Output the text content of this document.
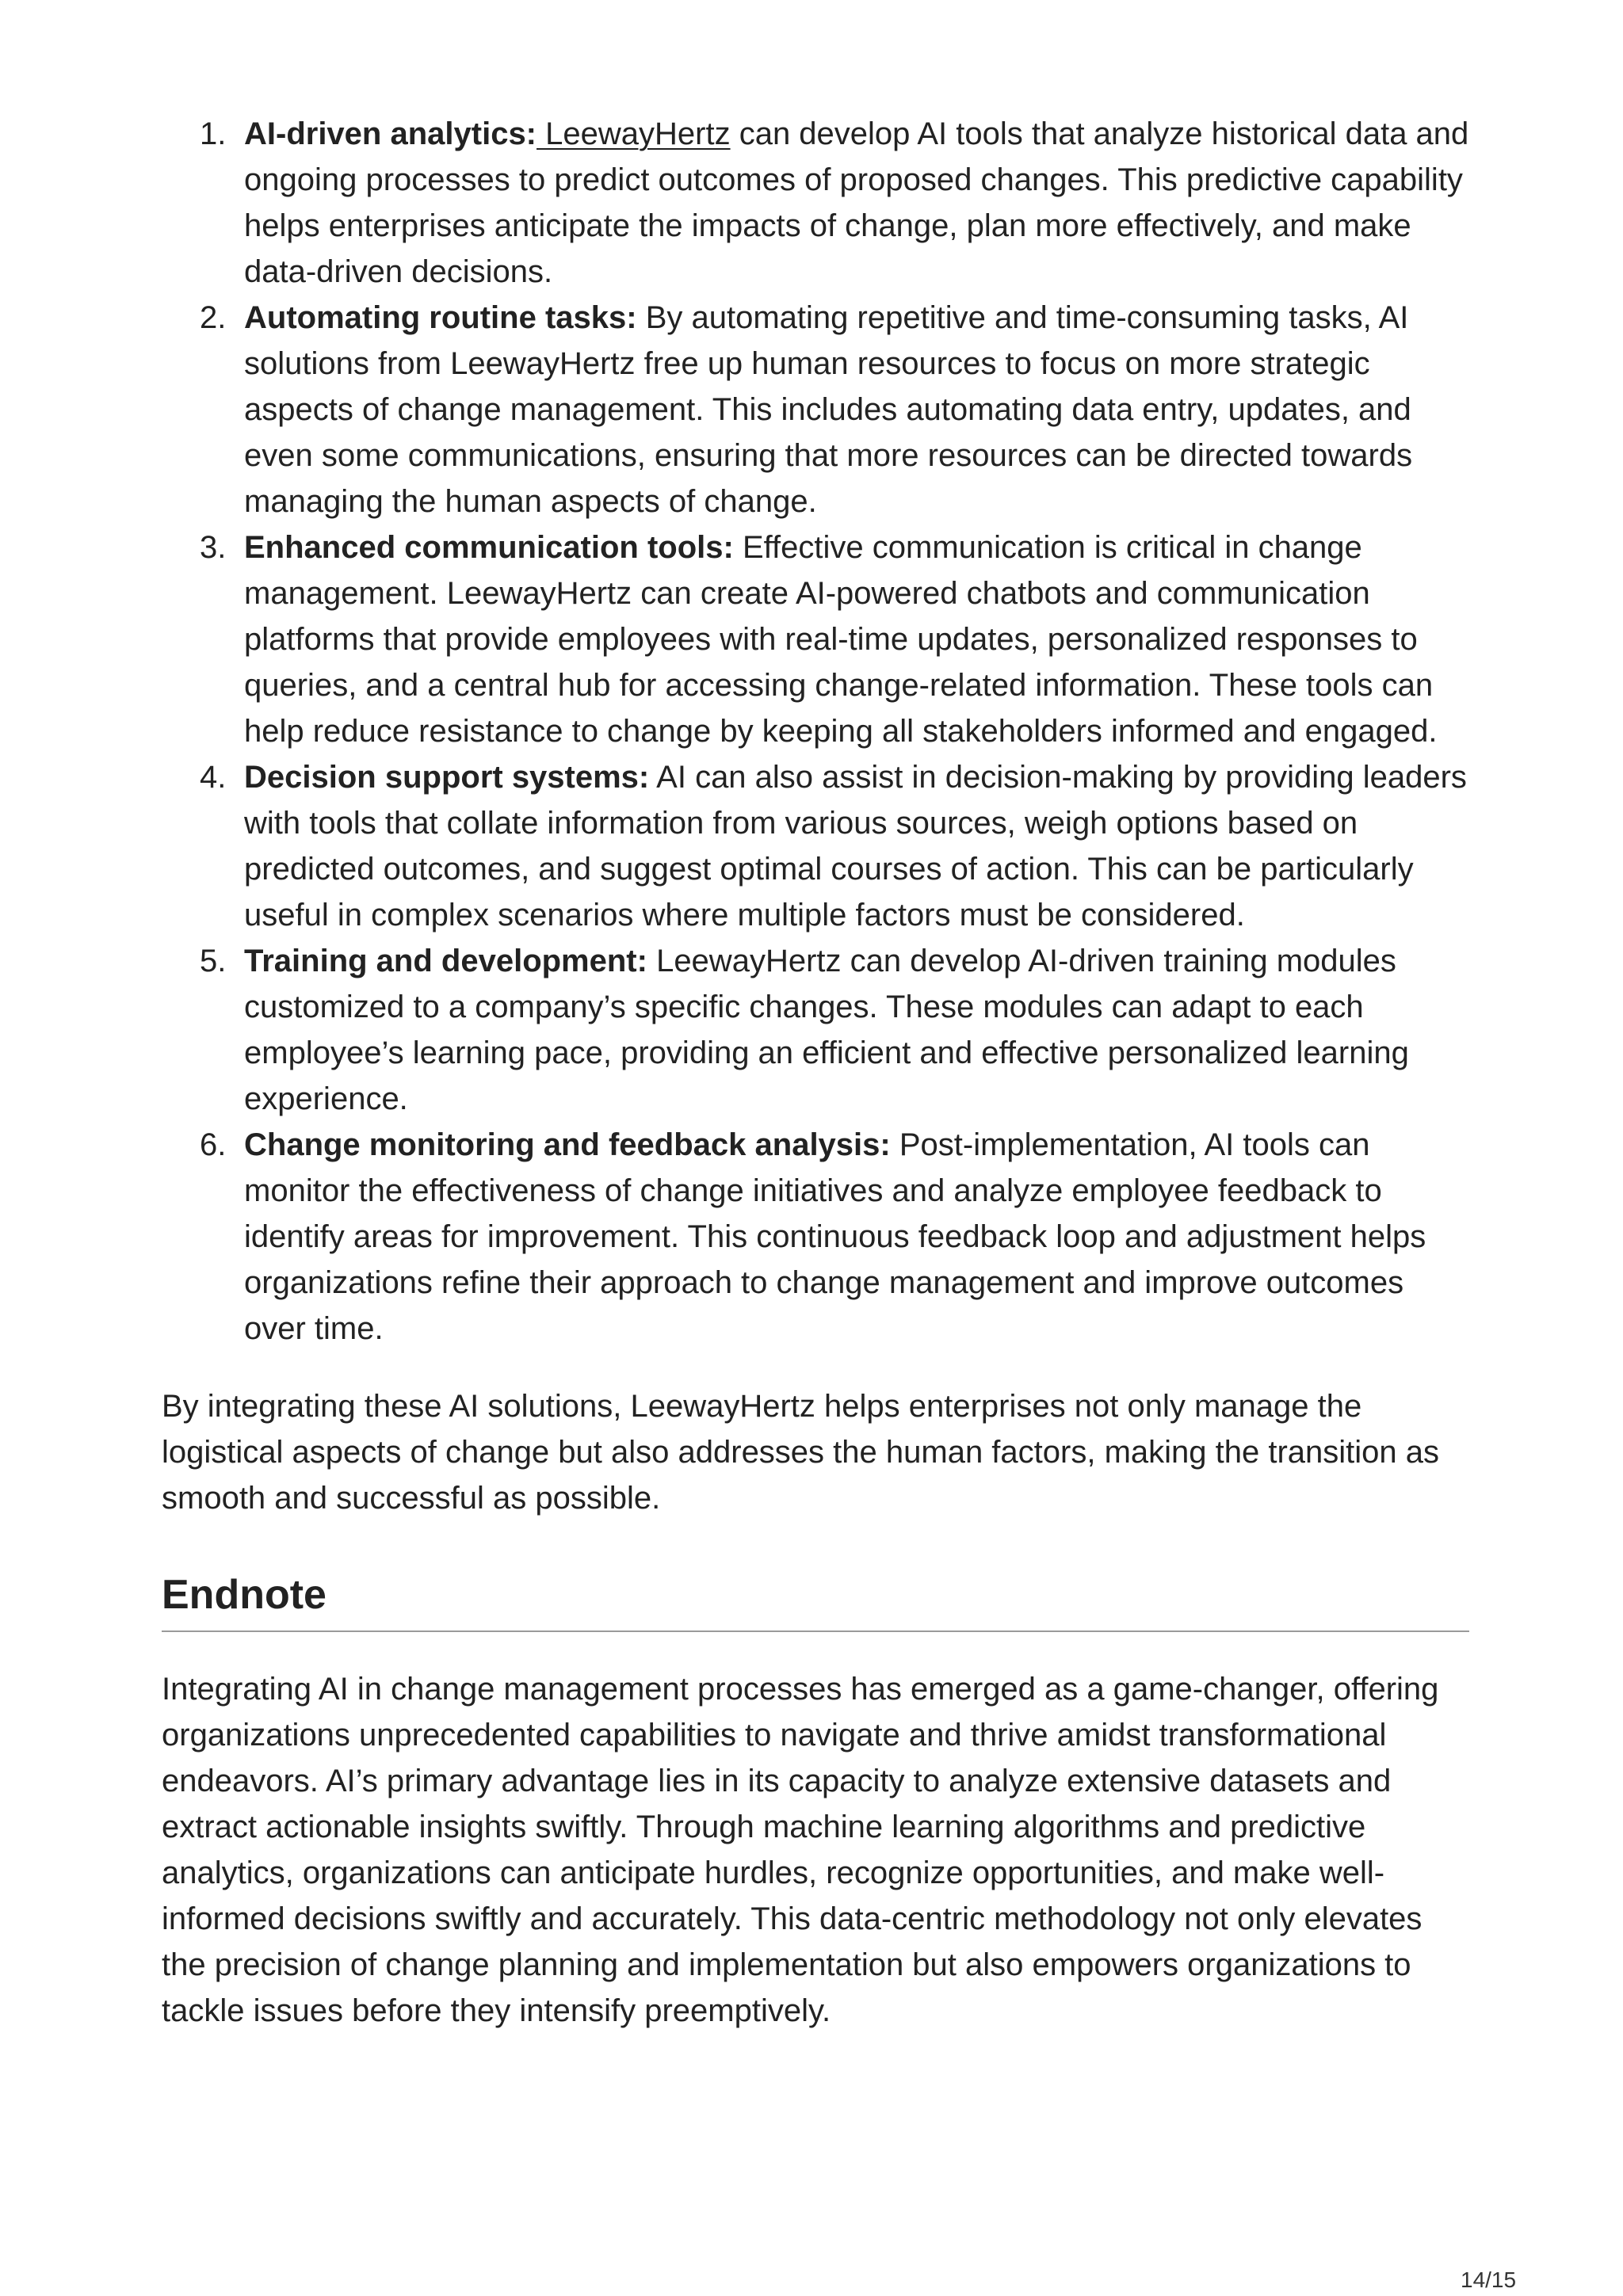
1. AI-driven analytics: LeewayHertz can develop AI tools that analyze historical data and ongoing processes to predict outcomes of proposed changes. This predictive capability helps enterprises anticipate the impacts of change, plan more effectively, and make data-driven decisions.
2. Automating routine tasks: By automating repetitive and time-consuming tasks, AI solutions from LeewayHertz free up human resources to focus on more strategic aspects of change management. This includes automating data entry, updates, and even some communications, ensuring that more resources can be directed towards managing the human aspects of change.
3. Enhanced communication tools: Effective communication is critical in change management. LeewayHertz can create AI-powered chatbots and communication platforms that provide employees with real-time updates, personalized responses to queries, and a central hub for accessing change-related information. These tools can help reduce resistance to change by keeping all stakeholders informed and engaged.
4. Decision support systems: AI can also assist in decision-making by providing leaders with tools that collate information from various sources, weigh options based on predicted outcomes, and suggest optimal courses of action. This can be particularly useful in complex scenarios where multiple factors must be considered.
5. Training and development: LeewayHertz can develop AI-driven training modules customized to a company’s specific changes. These modules can adapt to each employee’s learning pace, providing an efficient and effective personalized learning experience.
6. Change monitoring and feedback analysis: Post-implementation, AI tools can monitor the effectiveness of change initiatives and analyze employee feedback to identify areas for improvement. This continuous feedback loop and adjustment helps organizations refine their approach to change management and improve outcomes over time.

By integrating these AI solutions, LeewayHertz helps enterprises not only manage the logistical aspects of change but also addresses the human factors, making the transition as smooth and successful as possible.

Endnote

Integrating AI in change management processes has emerged as a game-changer, offering organizations unprecedented capabilities to navigate and thrive amidst transformational endeavors. AI’s primary advantage lies in its capacity to analyze extensive datasets and extract actionable insights swiftly. Through machine learning algorithms and predictive analytics, organizations can anticipate hurdles, recognize opportunities, and make well-informed decisions swiftly and accurately. This data-centric methodology not only elevates the precision of change planning and implementation but also empowers organizations to tackle issues before they intensify preemptively.

14/15
